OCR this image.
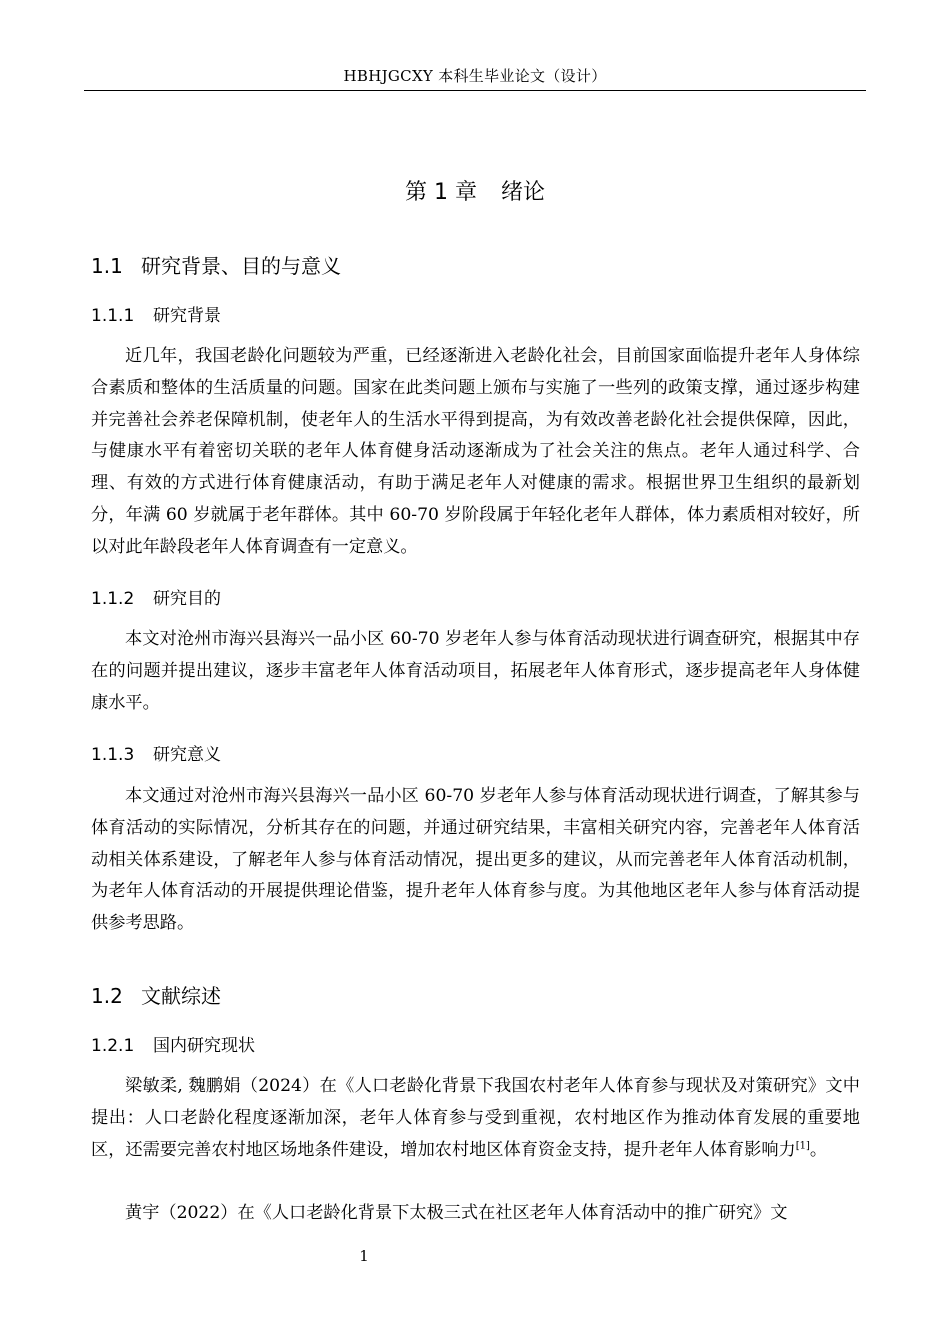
HBHJGCXY 本科生毕业论文（设计）
第 1 章 绪论
1.1 研究背景、目的与意义
1.1.1 研究背景
近几年，我国老龄化问题较为严重，已经逐渐进入老龄化社会，目前国家面临提升老年人身体综合素质和整体的生活质量的问题。国家在此类问题上颁布与实施了一些列的政策支撑，通过逐步构建并完善社会养老保障机制，使老年人的生活水平得到提高，为有效改善老龄化社会提供保障，因此，与健康水平有着密切关联的老年人体育健身活动逐渐成为了社会关注的焦点。老年人通过科学、合理、有效的方式进行体育健康活动，有助于满足老年人对健康的需求。根据世界卫生组织的最新划分，年满 60 岁就属于老年群体。其中 60-70 岁阶段属于年轻化老年人群体，体力素质相对较好，所以对此年龄段老年人体育调查有一定意义。
1.1.2 研究目的
本文对沧州市海兴县海兴一品小区 60-70 岁老年人参与体育活动现状进行调查研究，根据其中存在的问题并提出建议，逐步丰富老年人体育活动项目，拓展老年人体育形式，逐步提高老年人身体健康水平。
1.1.3 研究意义
本文通过对沧州市海兴县海兴一品小区 60-70 岁老年人参与体育活动现状进行调查，了解其参与体育活动的实际情况，分析其存在的问题，并通过研究结果，丰富相关研究内容，完善老年人体育活动相关体系建设，了解老年人参与体育活动情况，提出更多的建议，从而完善老年人体育活动机制，为老年人体育活动的开展提供理论借鉴，提升老年人体育参与度。为其他地区老年人参与体育活动提供参考思路。
1.2 文献综述
1.2.1 国内研究现状
梁敏柔, 魏鹏娟（2024）在《人口老龄化背景下我国农村老年人体育参与现状及对策研究》文中提出：人口老龄化程度逐渐加深，老年人体育参与受到重视，农村地区作为推动体育发展的重要地区，还需要完善农村地区场地条件建设，增加农村地区体育资金支持，提升老年人体育影响力[1]。
黄宇（2022）在《人口老龄化背景下太极三式在社区老年人体育活动中的推广研究》文
1
